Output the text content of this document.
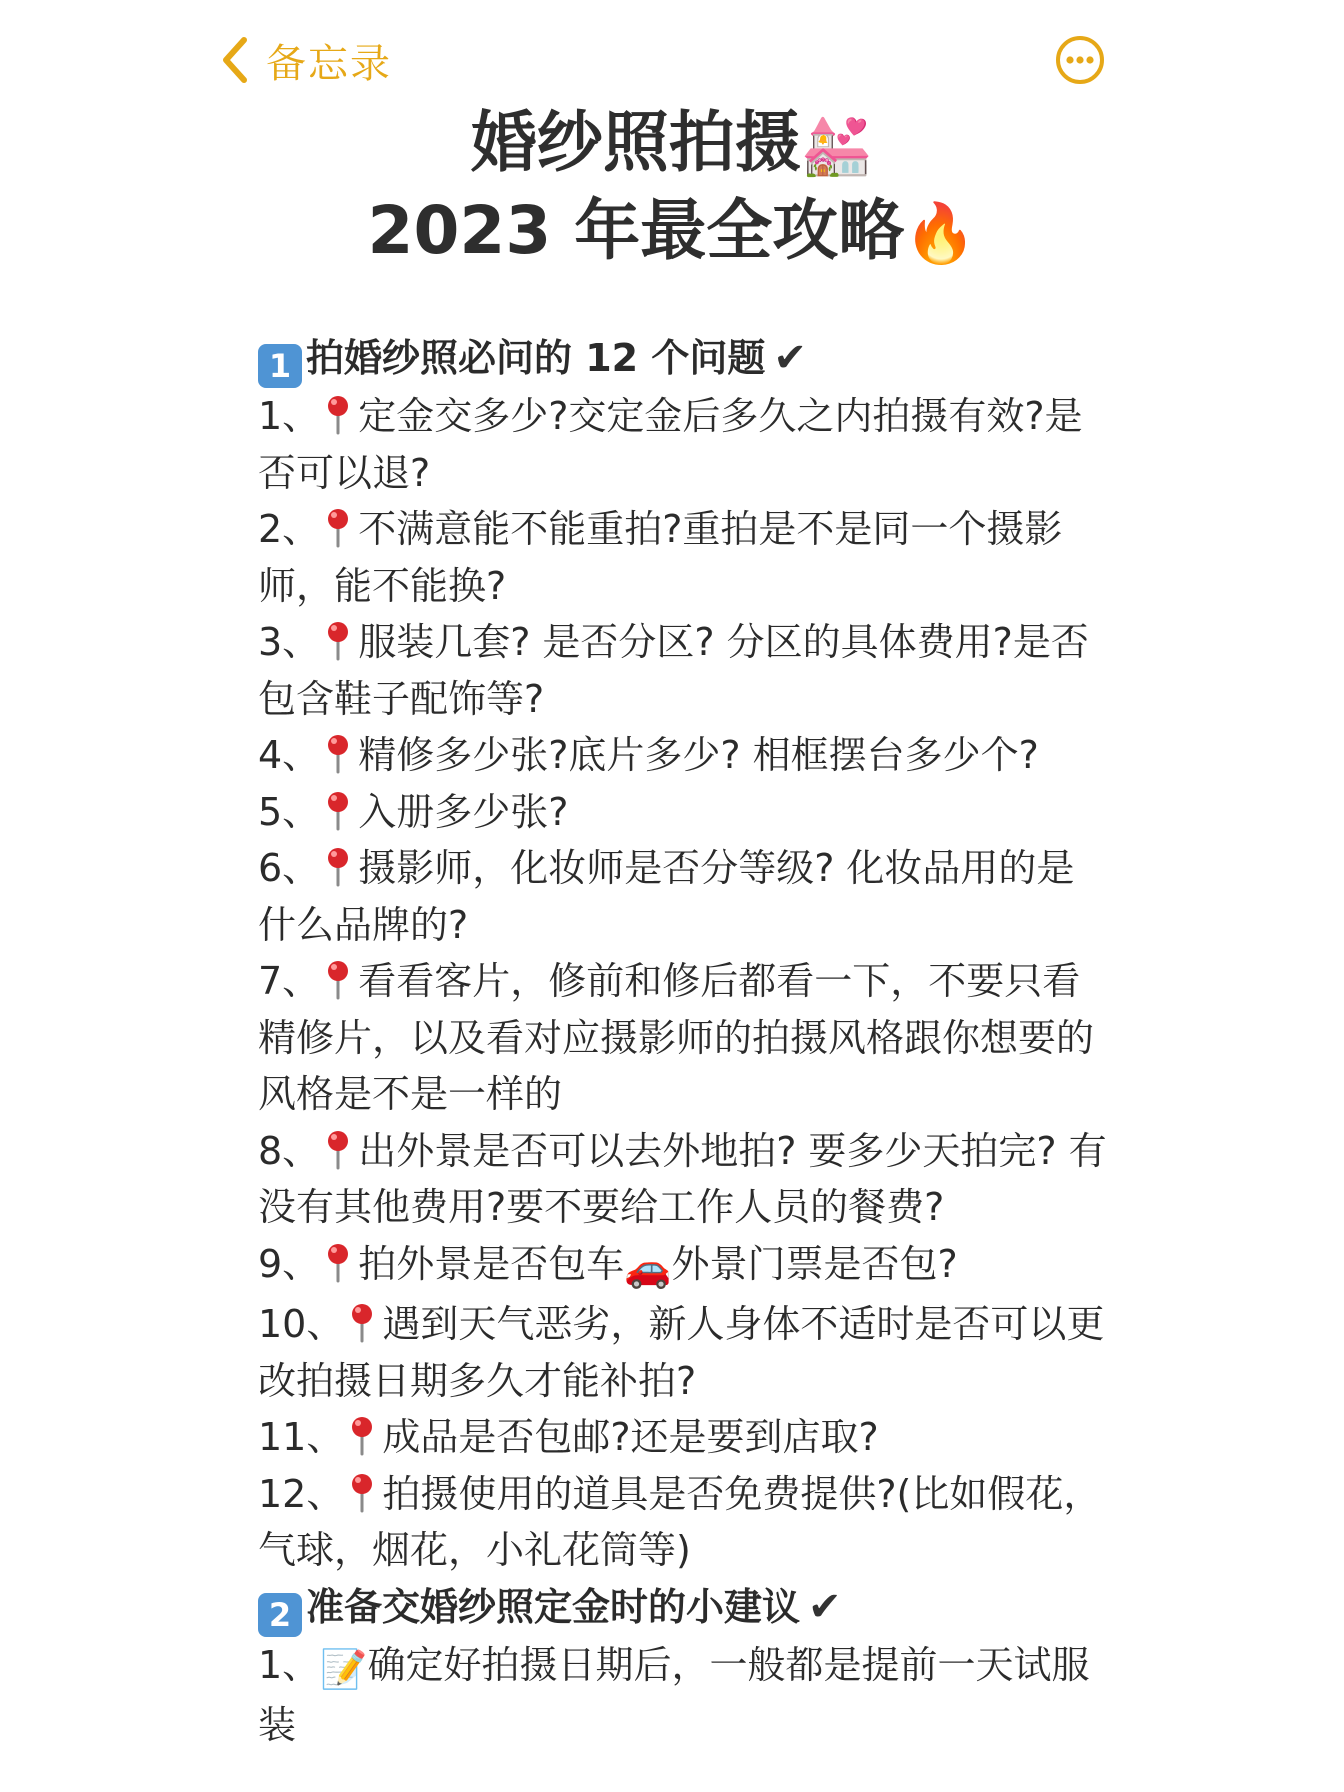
备忘录
婚纱照拍摄💒
2023 年最全攻略🔥
1 拍婚纱照必问的 12 个问题 ✔
1、 定金交多少?交定金后多久之内拍摄有效?是否可以退?
2、 不满意能不能重拍?重拍是不是同一个摄影师，能不能换?
3、 服装几套? 是否分区? 分区的具体费用?是否包含鞋子配饰等?
4、 精修多少张?底片多少? 相框摆台多少个?
5、 入册多少张?
6、 摄影师，化妆师是否分等级? 化妆品用的是什么品牌的?
7、 看看客片，修前和修后都看一下，不要只看精修片，以及看对应摄影师的拍摄风格跟你想要的风格是不是一样的
8、 出外景是否可以去外地拍? 要多少天拍完? 有没有其他费用?要不要给工作人员的餐费?
9、 拍外景是否包车🚗外景门票是否包?
10、 遇到天气恶劣，新人身体不适时是否可以更改拍摄日期多久才能补拍?
11、 成品是否包邮?还是要到店取?
12、 拍摄使用的道具是否免费提供?(比如假花，气球，烟花，小礼花筒等)
2 准备交婚纱照定金时的小建议 ✔
1、📝确定好拍摄日期后，一般都是提前一天试服装
